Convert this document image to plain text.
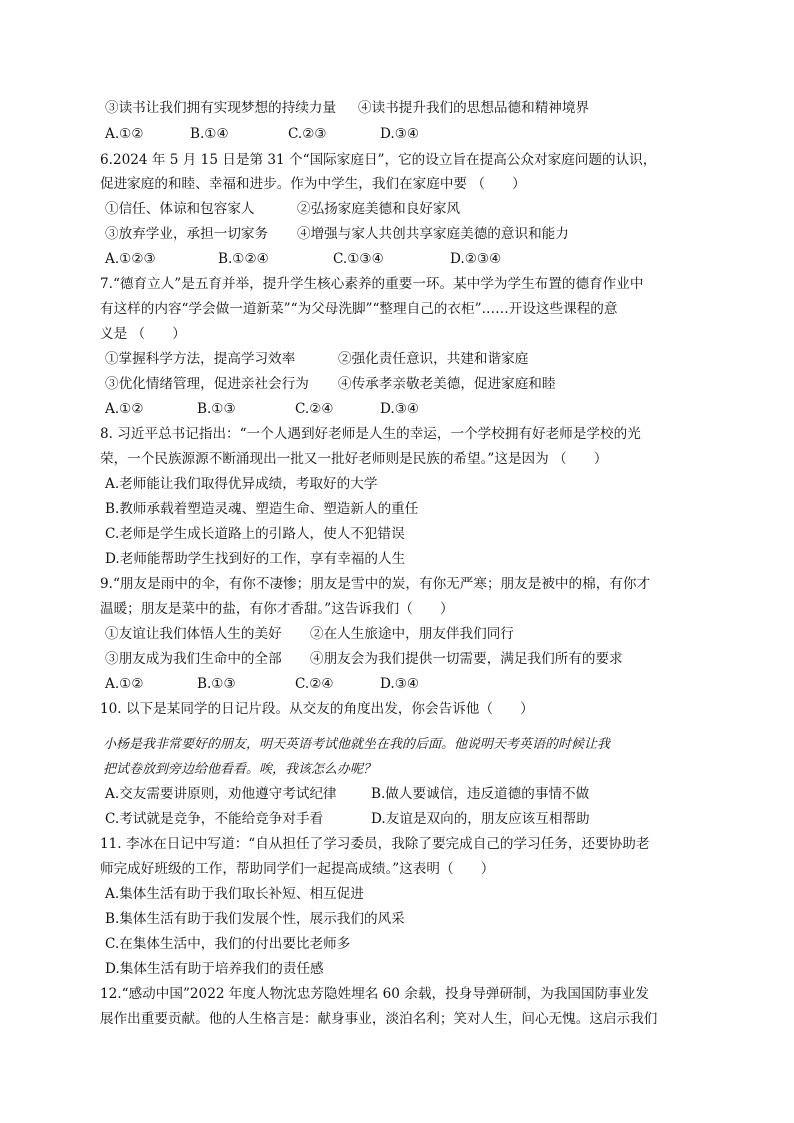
③读书让我们拥有实现梦想的持续力量 ④读书提升我们的思想品德和精神境界
A.①②	B.①④	C.②③	D.③④
6.2024 年 5 月 15 日是第 31 个“国际家庭日”，它的设立旨在提高公众对家庭问题的认识，
促进家庭的和睦、幸福和进步。作为中学生，我们在家庭中要 （　　）
①信任、体谅和包容家人	②弘扬家庭美德和良好家风
③放弃学业，承担一切家务 ④增强与家人共创共享家庭美德的意识和能力
A.①②③	B.①②④	C.①③④	D.②③④
7.“德育立人”是五育并举，提升学生核心素养的重要一环。某中学为学生布置的德育作业中
有这样的内容“学会做一道新菜”“为父母洗脚”“整理自己的衣柜”……开设这些课程的意
义是 （　　）
①掌握科学方法，提高学习效率	②强化责任意识，共建和谐家庭
③优化情绪管理，促进亲社会行为 ④传承孝亲敬老美德，促进家庭和睦
A.①②	B.①③	C.②④	D.③④
8. 习近平总书记指出：“一个人遇到好老师是人生的幸运，一个学校拥有好老师是学校的光
荣，一个民族源源不断涌现出一批又一批好老师则是民族的希望。”这是因为 （　　）
A.老师能让我们取得优异成绩，考取好的大学
B.教师承载着塑造灵魂、塑造生命、塑造新人的重任
C.老师是学生成长道路上的引路人，使人不犯错误
D.老师能帮助学生找到好的工作，享有幸福的人生
9.“朋友是雨中的伞，有你不凄惨；朋友是雪中的炭，有你无严寒；朋友是被中的棉，有你才
温暖；朋友是菜中的盐，有你才香甜。”这告诉我们（　　）
①友谊让我们体悟人生的美好 ②在人生旅途中，朋友伴我们同行
③朋友成为我们生命中的全部 ④朋友会为我们提供一切需要，满足我们所有的要求
A.①②	B.①③	C.②④	D.③④
10. 以下是某同学的日记片段。从交友的角度出发，你会告诉他（　　）
小杨是我非常要好的朋友，明天英语考试他就坐在我的后面。他说明天考英语的时候让我
把试卷放到旁边给他看看。唉，我该怎么办呢？
A.交友需要讲原则，劝他遵守考试纪律	B.做人要诚信，违反道德的事情不做
C.考试就是竞争，不能给竞争对手看	D.友谊是双向的，朋友应该互相帮助
11. 李冰在日记中写道：“自从担任了学习委员，我除了要完成自己的学习任务，还要协助老
师完成好班级的工作，帮助同学们一起提高成绩。”这表明（　　）
A.集体生活有助于我们取长补短、相互促进
B.集体生活有助于我们发展个性，展示我们的风采
C.在集体生活中，我们的付出要比老师多
D.集体生活有助于培养我们的责任感
12.“感动中国”2022 年度人物沈忠芳隐姓埋名 60 余载，投身导弹研制，为我国国防事业发
展作出重要贡献。他的人生格言是：献身事业，淡泊名利；笑对人生，问心无愧。这启示我们
